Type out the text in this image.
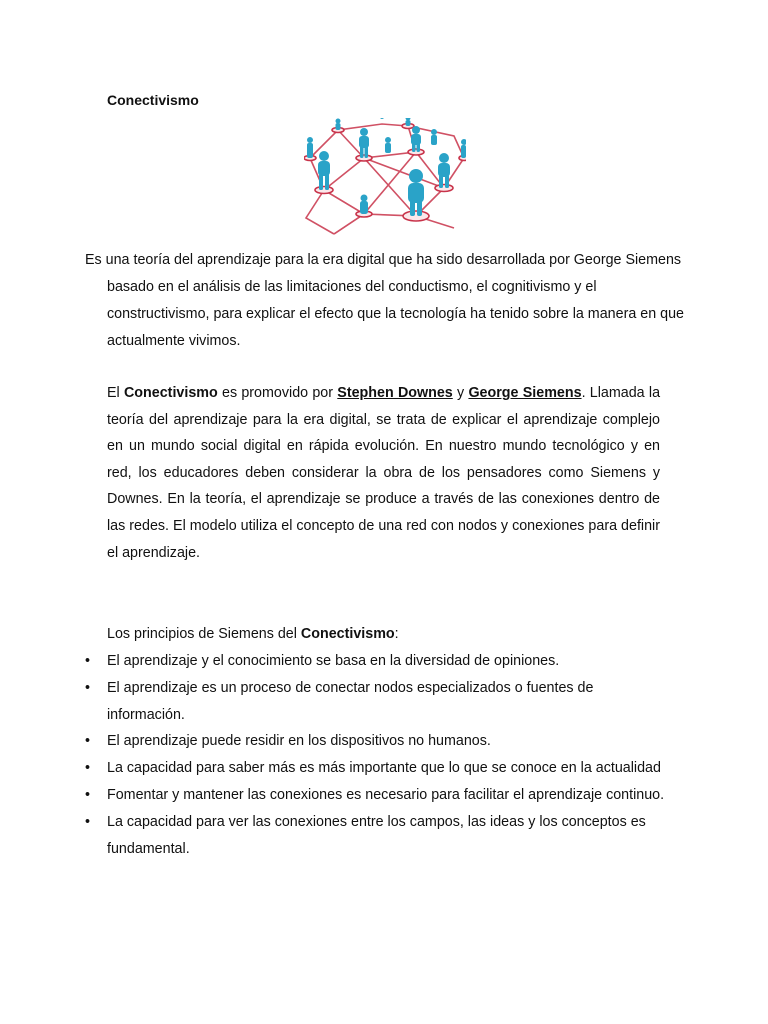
Conectivismo

Es una teoría del aprendizaje para la era digital que ha sido desarrollada por George Siemens basado en el análisis de las limitaciones del conductismo, el cognitivismo y el constructivismo, para explicar el efecto que la tecnología ha tenido sobre la manera en que actualmente vivimos.

El Conectivismo es promovido por Stephen Downes y George Siemens. Llamada la teoría del aprendizaje para la era digital, se trata de explicar el aprendizaje complejo en un mundo social digital en rápida evolución. En nuestro mundo tecnológico y en red, los educadores deben considerar la obra de los pensadores como Siemens y Downes. En la teoría, el aprendizaje se produce a través de las conexiones dentro de las redes. El modelo utiliza el concepto de una red con nodos y conexiones para definir el aprendizaje.

Los principios de Siemens del Conectivismo:

• El aprendizaje y el conocimiento se basa en la diversidad de opiniones.
• El aprendizaje es un proceso de conectar nodos especializados o fuentes de información.
• El aprendizaje puede residir en los dispositivos no humanos.
• La capacidad para saber más es más importante que lo que se conoce en la actualidad
• Fomentar y mantener las conexiones es necesario para facilitar el aprendizaje continuo.
• La capacidad para ver las conexiones entre los campos, las ideas y los conceptos es fundamental.
